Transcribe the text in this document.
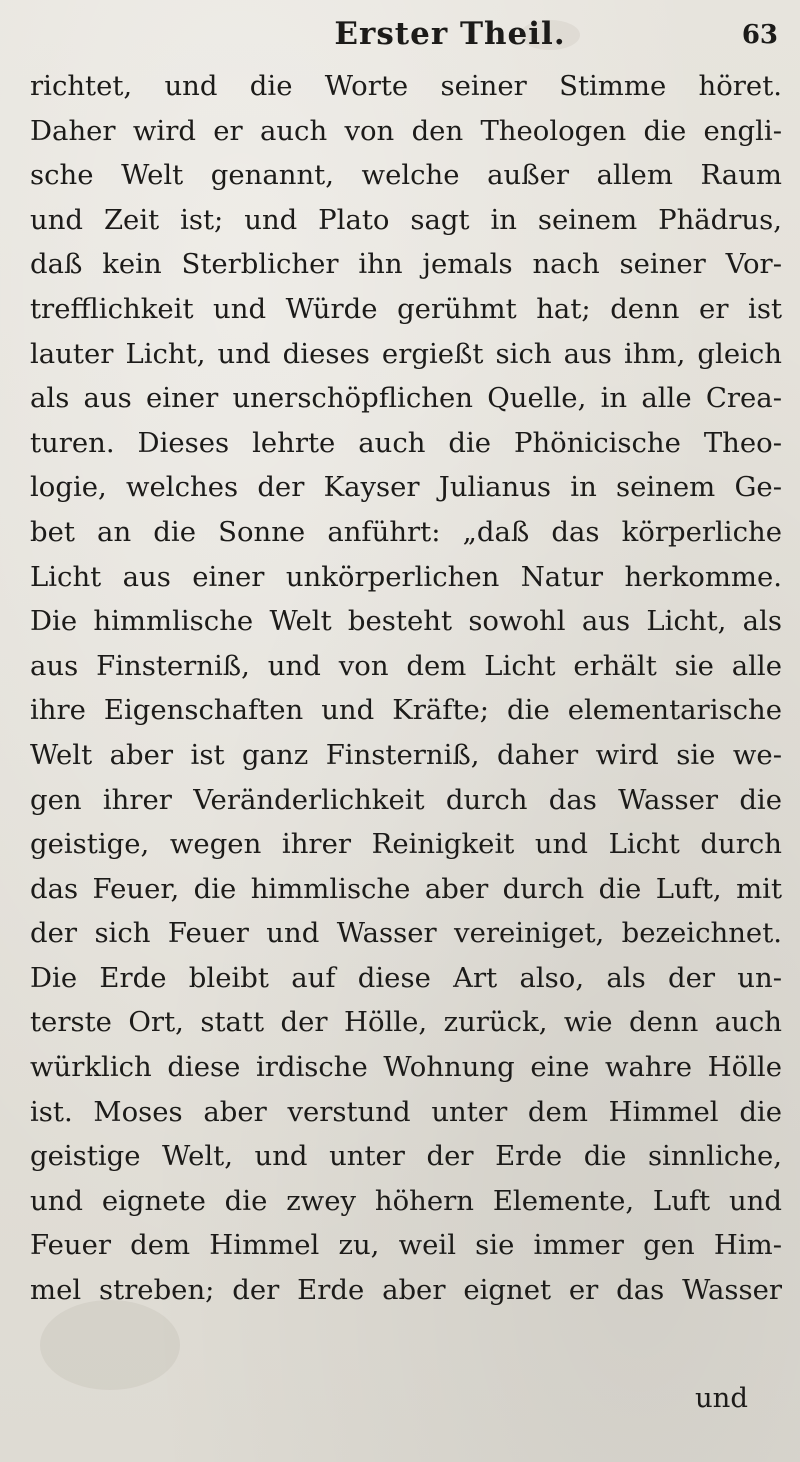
Erster Theil.	63
richtet, und die Worte seiner Stimme höret.
Daher wird er auch von den Theologen die engli-
sche Welt genannt, welche außer allem Raum
und Zeit ist; und Plato sagt in seinem Phädrus,
daß kein Sterblicher ihn jemals nach seiner Vor-
trefflichkeit und Würde gerühmt hat; denn er ist
lauter Licht, und dieses ergießt sich aus ihm, gleich
als aus einer unerschöpflichen Quelle, in alle Crea-
turen. Dieses lehrte auch die Phönicische Theo-
logie, welches der Kayser Julianus in seinem Ge-
bet an die Sonne anführt: „daß das körperliche
Licht aus einer unkörperlichen Natur herkomme.
Die himmlische Welt besteht sowohl aus Licht, als
aus Finsterniß, und von dem Licht erhält sie alle
ihre Eigenschaften und Kräfte; die elementarische
Welt aber ist ganz Finsterniß, daher wird sie we-
gen ihrer Veränderlichkeit durch das Wasser die
geistige, wegen ihrer Reinigkeit und Licht durch
das Feuer, die himmlische aber durch die Luft, mit
der sich Feuer und Wasser vereiniget, bezeichnet.
Die Erde bleibt auf diese Art also, als der un-
terste Ort, statt der Hölle, zurück, wie denn auch
würklich diese irdische Wohnung eine wahre Hölle
ist. Moses aber verstund unter dem Himmel die
geistige Welt, und unter der Erde die sinnliche,
und eignete die zwey höhern Elemente, Luft und
Feuer dem Himmel zu, weil sie immer gen Him-
mel streben; der Erde aber eignet er das Wasser
und
